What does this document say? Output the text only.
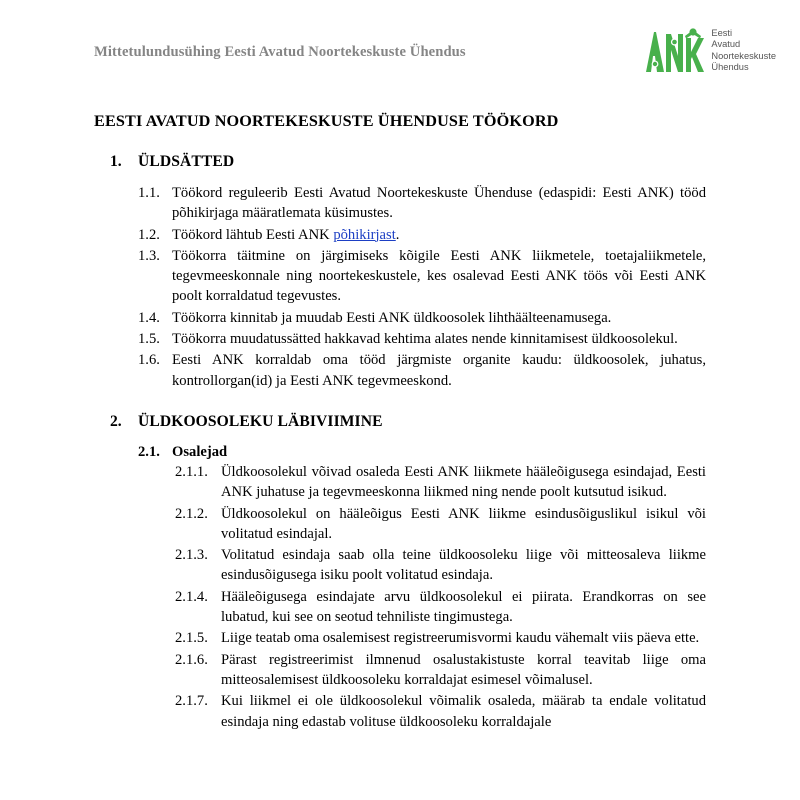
Mittetulundusühing Eesti Avatud Noortekeskuste Ühendus
Eesti
Avatud
Noortekeskuste
Ühendus
EESTI AVATUD NOORTEKESKUSTE ÜHENDUSE TÖÖKORD
1.	ÜLDSÄTTED
1.1. Töökord reguleerib Eesti Avatud Noortekeskuste Ühenduse (edaspidi: Eesti ANK) tööd põhikirjaga määratlemata küsimustes.
1.2. Töökord lähtub Eesti ANK põhikirjast.
1.3. Töökorra täitmine on järgimiseks kõigile Eesti ANK liikmetele, toetajaliikmetele, tegevmeeskonnale ning noortekeskustele, kes osalevad Eesti ANK töös või Eesti ANK poolt korraldatud tegevustes.
1.4. Töökorra kinnitab ja muudab Eesti ANK üldkoosolek lihthäälteenamusega.
1.5. Töökorra muudatussätted hakkavad kehtima alates nende kinnitamisest üldkoosolekul.
1.6. Eesti ANK korraldab oma tööd järgmiste organite kaudu: üldkoosolek, juhatus, kontrollorgan(id) ja Eesti ANK tegevmeeskond.
2.	ÜLDKOOSOLEKU LÄBIVIIMINE
2.1. Osalejad
2.1.1. Üldkoosolekul võivad osaleda Eesti ANK liikmete hääleõigusega esindajad, Eesti ANK juhatuse ja tegevmeeskonna liikmed ning nende poolt kutsutud isikud.
2.1.2. Üldkoosolekul on hääleõigus Eesti ANK liikme esindusõiguslikul isikul või volitatud esindajal.
2.1.3. Volitatud esindaja saab olla teine üldkoosoleku liige või mitteosaleva liikme esindusõigusega isiku poolt volitatud esindaja.
2.1.4. Hääleõigusega esindajate arvu üldkoosolekul ei piirata. Erandkorras on see lubatud, kui see on seotud tehniliste tingimustega.
2.1.5. Liige teatab oma osalemisest registreerumisvormi kaudu vähemalt viis päeva ette.
2.1.6. Pärast registreerimist ilmnenud osalustakistuste korral teavitab liige oma mitteosalemisest üldkoosoleku korraldajat esimesel võimalusel.
2.1.7. Kui liikmel ei ole üldkoosolekul võimalik osaleda, määrab ta endale volitatud esindaja ning edastab volituse üldkoosoleku korraldajale
